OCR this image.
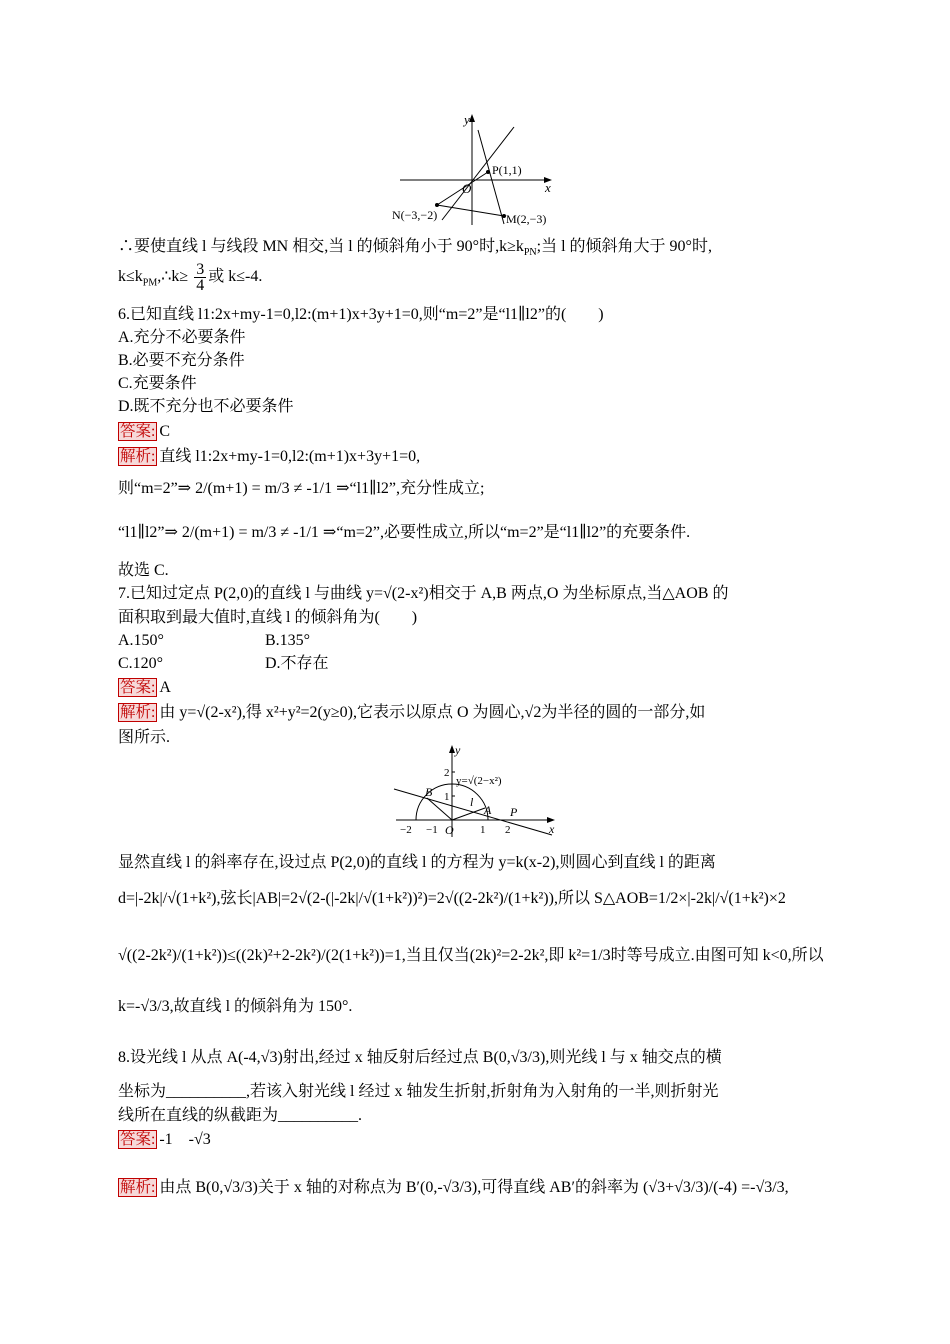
y
x
O
P(1,1)
N(−3,−2)	M(2,−3)
∴要使直线 l 与线段 MN 相交,当 l 的倾斜角小于 90°时$,k\ge k_{PN}$;当 l 的倾斜角大于 90°时,
$k\le k_{PM},\therefore k\ge \frac{3}{4}$ 或 k≤-4.
6.已知直线 l1:2x+my-1=0,l2:(m+1)x+3y+1=0,则“m=2”是“l1∥l2”的(　　)
A.充分不必要条件
B.必要不充分条件
C.充要条件
D.既不充分也不必要条件
答案: C
解析: 直线 l1:2x+my-1=0,l2:(m+1)x+3y+1=0,
则“m=2”⇒ 2/(m+1) = m/3 ≠ -1/1 ⇒“l1∥l2”,充分性成立;
“l1∥l2”⇒ 2/(m+1) = m/3 ≠ -1/1 ⇒“m=2”,必要性成立,所以“m=2”是“l1∥l2”的充要条件.
故选 C.
7.已知过定点 P(2,0)的直线 l 与曲线 y=√(2-x²)相交于 A,B 两点,O 为坐标原点,当△AOB 的
面积取到最大值时,直线 l 的倾斜角为(　　)
A.150°	B.135°
C.120°	D.不存在
答案: A
解析: 由 y=√(2-x²),得 x²+y²=2(y≥0),它表示以原点 O 为圆心,√2为半径的圆的一部分,如
图所示.
y
x
y=√(2−x²)
B
A P
l
O
2
1
−2 −1	1 2
显然直线 l 的斜率存在,设过点 P(2,0)的直线 l 的方程为 y=k(x-2),则圆心到直线 l 的距离
d=|-2k|/√(1+k²),弦长|AB|=2√(2-(|-2k|/√(1+k²))²)=2√((2-2k²)/(1+k²)),所以 S△AOB=1/2×|-2k|/√(1+k²)×2
√((2-2k²)/(1+k²))≤((2k)²+2-2k²)/(2(1+k²))=1,当且仅当(2k)²=2-2k²,即 k²=1/3时等号成立.由图可知 k<0,所以
k=-√3/3,故直线 l 的倾斜角为 150°.
8.设光线 l 从点 A(-4,√3)射出,经过 x 轴反射后经过点 B(0,√3/3),则光线 l 与 x 轴交点的横
坐标为__________,若该入射光线 l 经过 x 轴发生折射,折射角为入射角的一半,则折射光
线所在直线的纵截距为__________.
答案: -1　-√3
解析: 由点 B(0,√3/3)关于 x 轴的对称点为 B′(0,-√3/3),可得直线 AB′的斜率为 (√3+√3/3)/(-4) =-√3/3,
